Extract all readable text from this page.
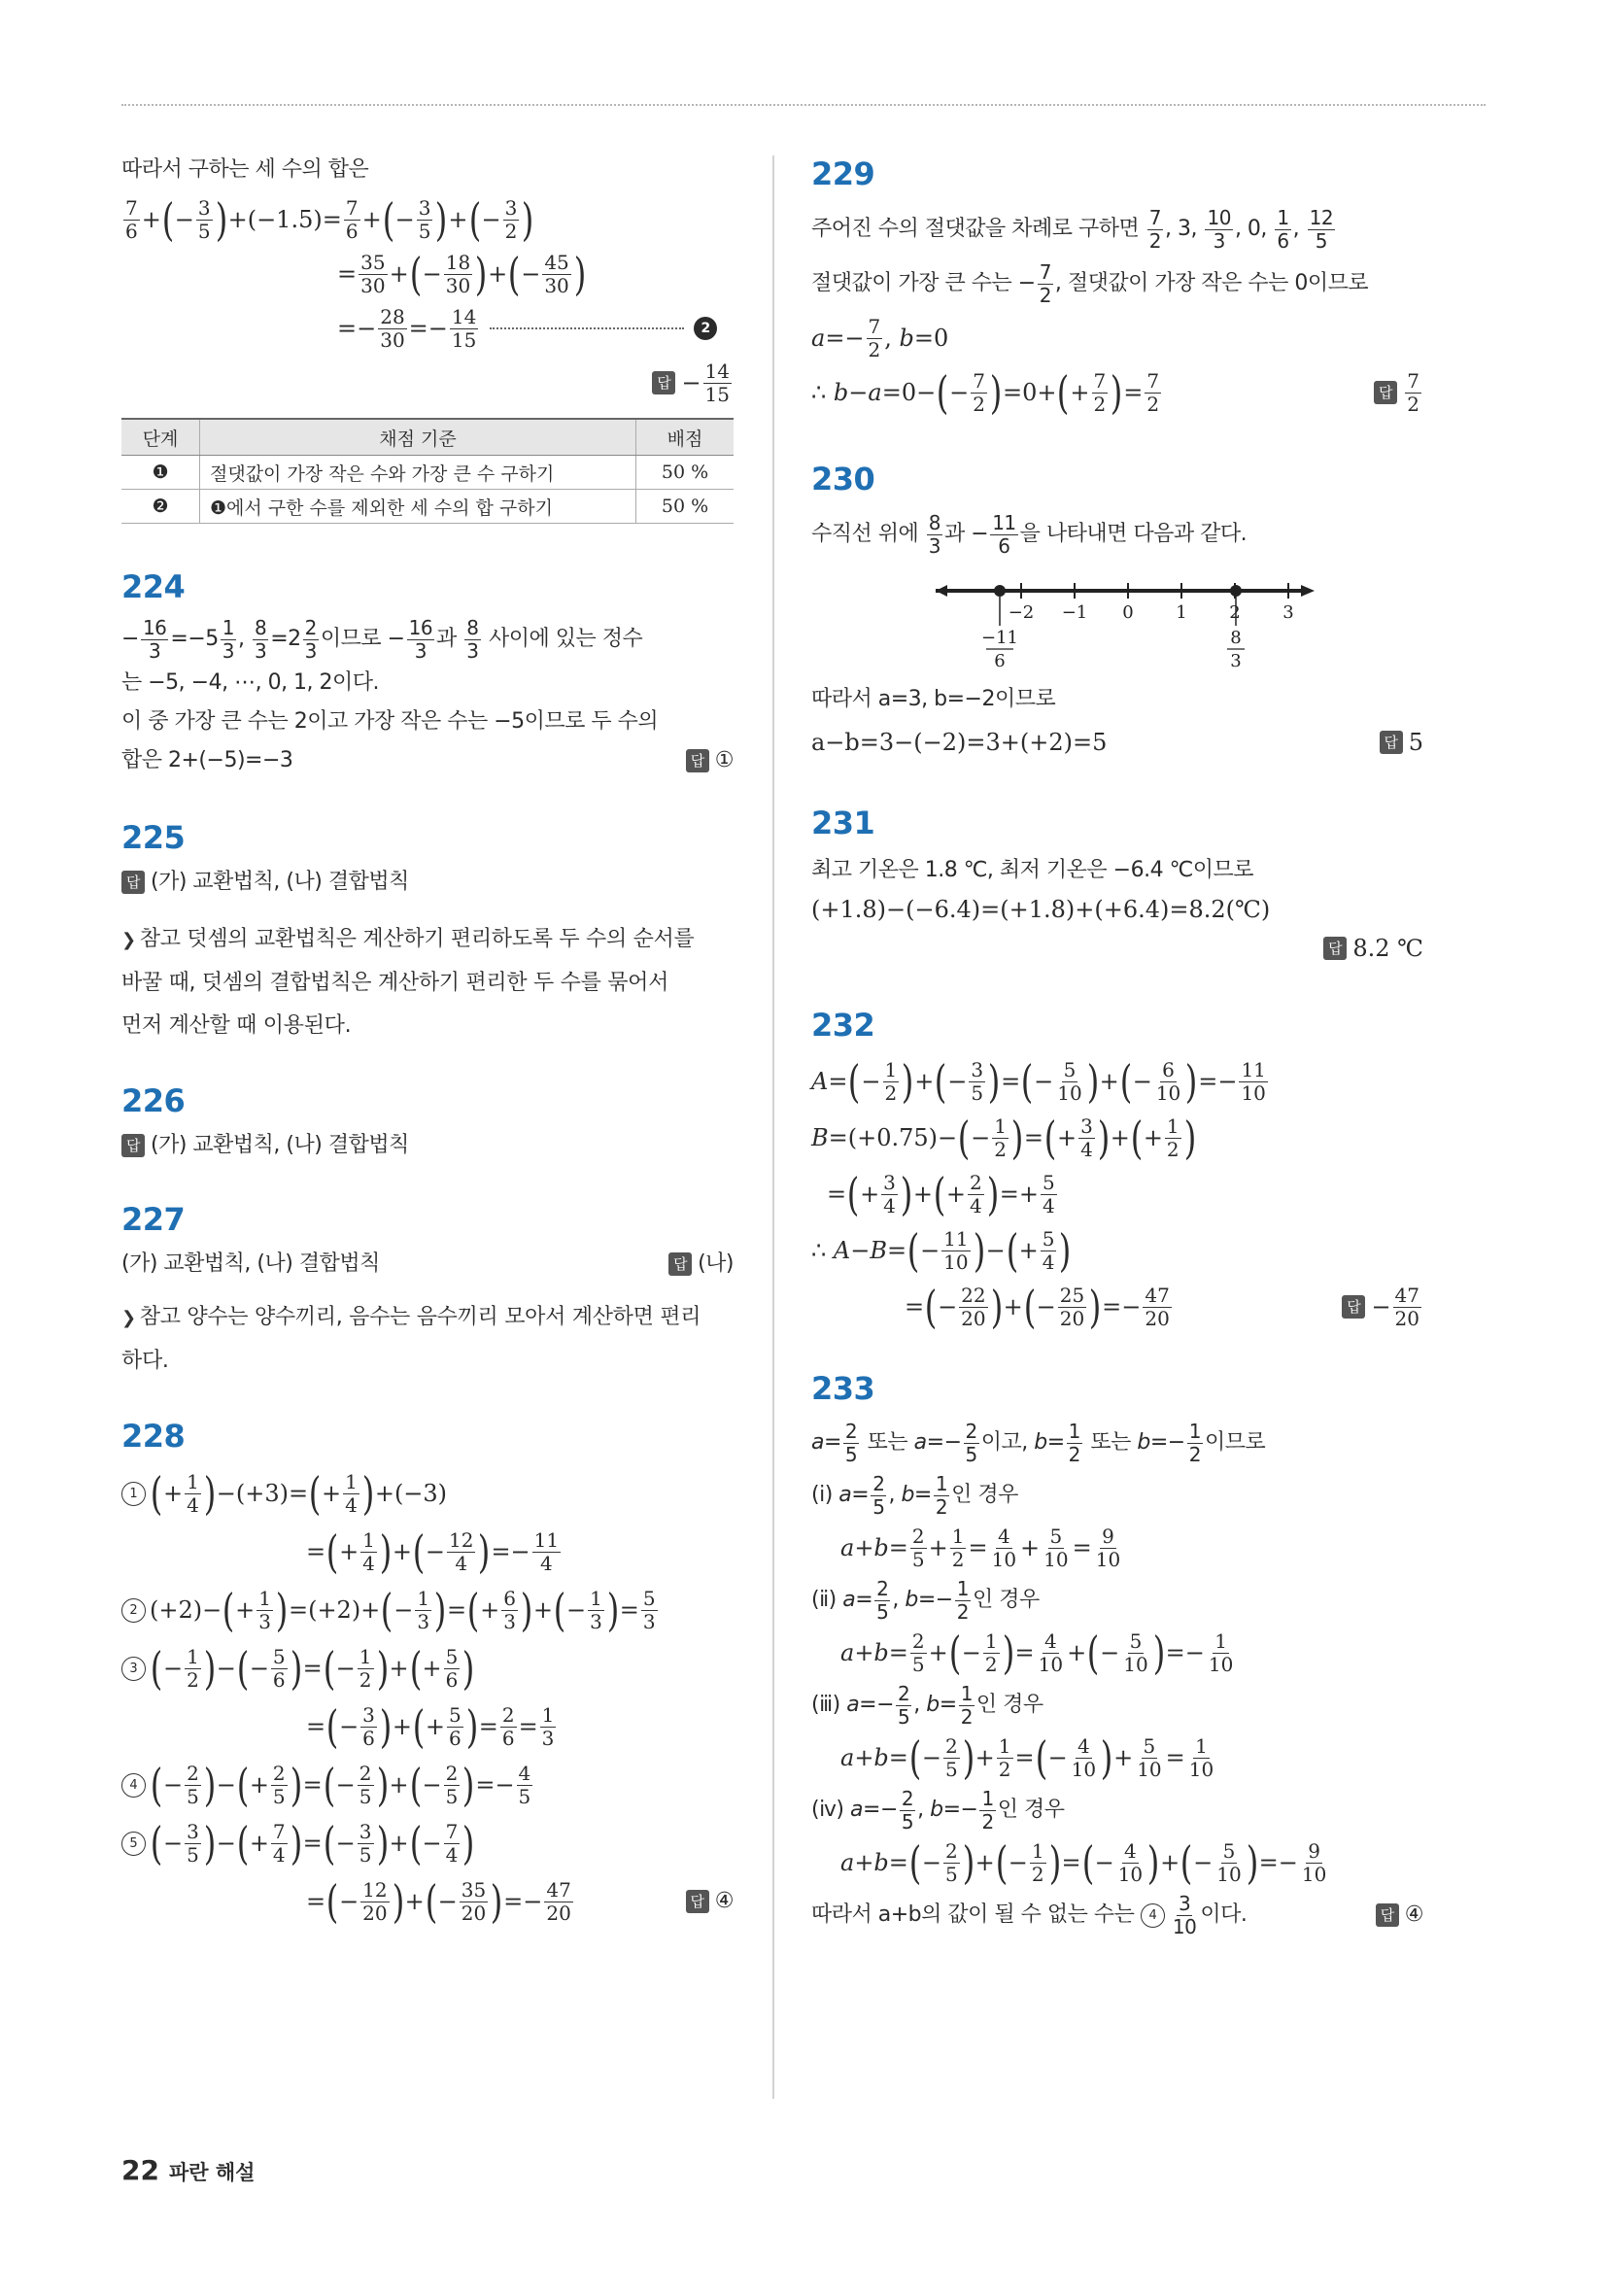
따라서 구하는 세 수의 합은
$\frac{7}{6}$ + ( − $\frac{3}{5}$ ) $+(-1.5)= \frac{7}{6}$ + ( − $\frac{3}{5}$ ) + ( − $\frac{3}{2}$ )
= $\frac{35}{30}$ + ( − $\frac{18}{30}$ ) + ( − $\frac{45}{30}$ )
=− $\frac{28}{30} =- \frac{14}{15}$	2
답 − $\frac{14}{15}$
단계	채점 기준	배점
❶	절댓값이 가장 작은 수와 가장 큰 수 구하기	50 %
❷	❶에서 구한 수를 제외한 세 수의 합 구하기	50 %
224
− $\frac{16}{3} =-5 \frac{1}{3}$ , $\frac{8}{3} =2 \frac{2}{3}$ 이므로 − $\frac{16}{3}$ 과 $\frac{8}{3}$ 사이에 있는 정수
는 −5, −4, ⋯, 0, 1, 2이다.
이 중 가장 큰 수는 2이고 가장 작은 수는 −5이므로 두 수의
합은 2+(−5)=−3	답 ①
225
답 (가) 교환법칙, (나) 결합법칙
❯ 참고 덧셈의 교환법칙은 계산하기 편리하도록 두 수의 순서를
바꿀 때, 덧셈의 결합법칙은 계산하기 편리한 두 수를 묶어서
먼저 계산할 때 이용된다.
226
답 (가) 교환법칙, (나) 결합법칙
227
(가) 교환법칙, (나) 결합법칙	답 (나)
❯ 참고 양수는 양수끼리, 음수는 음수끼리 모아서 계산하면 편리
하다.
228
1 ( + $\frac{1}{4}$ ) −(+3)= ( + $\frac{1}{4}$ ) +(−3)
= ( + $\frac{1}{4}$ ) + ( − $\frac{12}{4}$ ) =− $\frac{11}{4}$
2 (+2)− ( + $\frac{1}{3}$ ) =(+2)+ ( − $\frac{1}{3}$ ) = ( + $\frac{6}{3}$ ) + ( − $\frac{1}{3}$ ) = $\frac{5}{3}$
3 ( − $\frac{1}{2}$ ) − ( − $\frac{5}{6}$ ) = ( − $\frac{1}{2}$ ) + ( + $\frac{5}{6}$ )
= ( − $\frac{3}{6}$ ) + ( + $\frac{5}{6}$ ) = $\frac{2}{6} = \frac{1}{3}$
4 ( − $\frac{2}{5}$ ) − ( + $\frac{2}{5}$ ) = ( − $\frac{2}{5}$ ) + ( − $\frac{2}{5}$ ) =− $\frac{4}{5}$
5 ( − $\frac{3}{5}$ ) − ( + $\frac{7}{4}$ ) = ( − $\frac{3}{5}$ ) + ( − $\frac{7}{4}$ )
= ( − $\frac{12}{20}$ ) + ( − $\frac{35}{20}$ ) =− $\frac{47}{20}$	답 ④
229
주어진 수의 절댓값을 차례로 구하면
$\frac{7}{2}$ , 3, $\frac{10}{3}$ , 0, $\frac{1}{6}$ , $\frac{12}{5}$
절댓값이 가장 큰 수는 − $\frac{7}{2}$ , 절댓값이 가장 작은 수는 0이므로
$a =- \frac{7}{2}$ , b =0
∴ b − a =0− ( − $\frac{7}{2}$ ) =0+ ( + $\frac{7}{2}$ ) = $\frac{7}{2}$	답 $\frac{7}{2}$
230
수직선 위에
$\frac{8}{3}$ 과 − $\frac{11}{6}$ 을 나타내면 다음과 같다.
−2 −1 0 1 2 3
−11
6
8
3
따라서 a=3, b=−2이므로
a−b=3−(−2)=3+(+2)=5	답 5
231
최고 기온은 1.8 ℃, 최저 기온은 −6.4 ℃이므로
(+1.8)−(−6.4)=(+1.8)+(+6.4)=8.2(℃)
답 8.2 ℃
232
A = ( − $\frac{1}{2}$ ) + ( − $\frac{3}{5}$ ) = ( − $\frac{5}{10}$ ) + ( − $\frac{6}{10}$ ) =− $\frac{11}{10}$
B =(+0.75)− ( − $\frac{1}{2}$ ) = ( + $\frac{3}{4}$ ) + ( + $\frac{1}{2}$ )
= ( + $\frac{3}{4}$ ) + ( + $\frac{2}{4}$ ) =+ $\frac{5}{4}$
∴ A − B = ( − $\frac{11}{10}$ ) − ( + $\frac{5}{4}$ )
= ( − $\frac{22}{20}$ ) + ( − $\frac{25}{20}$ ) =− $\frac{47}{20}$	답 − $\frac{47}{20}$
233
$a = \frac{2}{5}$ 또는 $a =- \frac{2}{5}$ 이고, $b = \frac{1}{2}$ 또는 $b =- \frac{1}{2}$ 이므로
(ⅰ)
$a = \frac{2}{5}$ , $b = \frac{1}{2}$ 인 경우
$a + b = \frac{2}{5} + \frac{1}{2} = \frac{4}{10} + \frac{5}{10} = \frac{9}{10}$
(ⅱ)
$a = \frac{2}{5}$ , $b =- \frac{1}{2}$ 인 경우
$a + b = \frac{2}{5}$ + ( − $\frac{1}{2}$ ) = $\frac{4}{10}$ + ( − $\frac{5}{10}$ ) =− $\frac{1}{10}$
(ⅲ)
$a =- \frac{2}{5}$ , $b = \frac{1}{2}$ 인 경우
a + b = ( − $\frac{2}{5}$ ) + $\frac{1}{2}$ = ( − $\frac{4}{10}$ ) + $\frac{5}{10} = \frac{1}{10}$
(ⅳ)
$a =- \frac{2}{5}$ , $b =- \frac{1}{2}$ 인 경우
a + b = ( − $\frac{2}{5}$ ) + ( − $\frac{1}{2}$ ) = ( − $\frac{4}{10}$ ) + ( − $\frac{5}{10}$ ) =− $\frac{9}{10}$
따라서 a+b의 값이 될 수 없는 수는
	$4 \frac{3}{10}$ 이다.	답 ④
22 파란 해설
